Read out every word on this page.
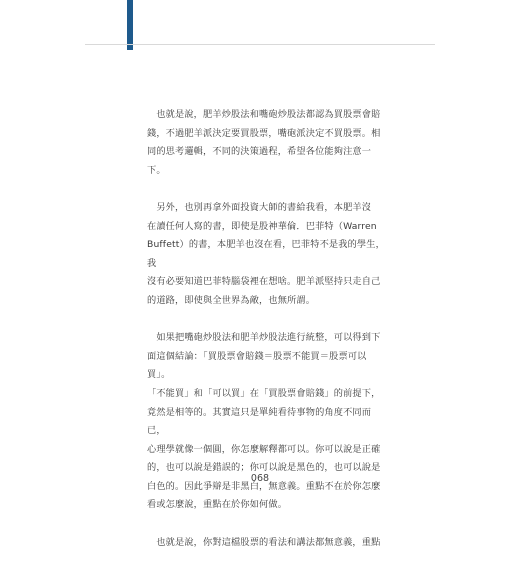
　也就是說，肥羊炒股法和嘴砲炒股法都認為買股票會賠
錢，不過肥羊派決定要買股票，嘴砲派決定不買股票。相
同的思考邏輯，不同的決策過程，希望各位能夠注意一下。

　另外，也別再拿外面投資大師的書給我看，本肥羊沒
在讀任何人寫的書，即使是股神華倫．巴菲特（Warren
Buffett）的書，本肥羊也沒在看，巴菲特不是我的學生，我
沒有必要知道巴菲特腦袋裡在想啥。肥羊派堅持只走自己
的道路，即使與全世界為敵，也無所謂。

　如果把嘴砲炒股法和肥羊炒股法進行統整，可以得到下
面這個結論：「買股票會賠錢＝股票不能買＝股票可以買」。
「不能買」和「可以買」在「買股票會賠錢」的前提下，
竟然是相等的。其實這只是單純看待事物的角度不同而已，
心理學就像一個圓，你怎麼解釋都可以。你可以說是正確
的，也可以說是錯誤的；你可以說是黑色的，也可以說是
白色的。因此爭辯是非黑白，無意義。重點不在於你怎麼
看或怎麼說，重點在於你如何做。

　也就是說，你對這檔股票的看法和講法都無意義，重點

068
